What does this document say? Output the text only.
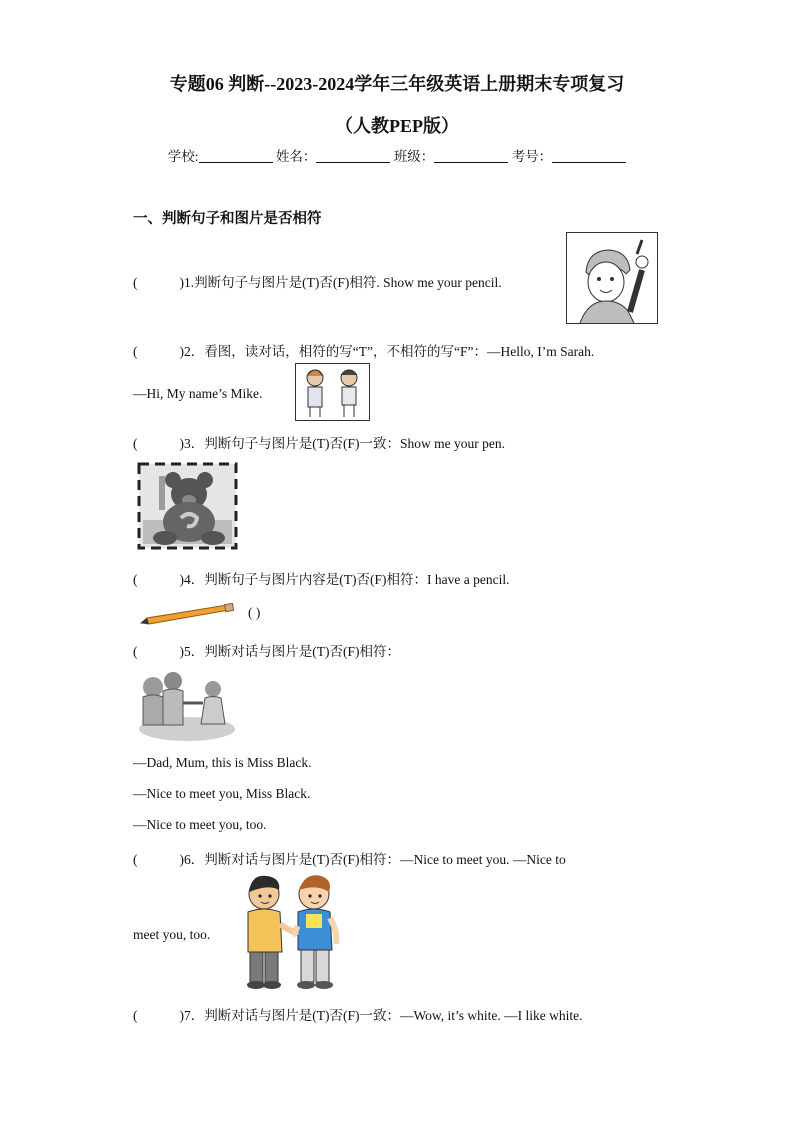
专题06 判断--2023-2024学年三年级英语上册期末专项复习
（人教PEP版）
学校:	姓名：	班级：	考号：
一、判断句子和图片是否相符
(	)1.判断句子与图片是(T)否(F)相符. Show me your pencil.
(	)2．看图，读对话，相符的写“T”，不相符的写“F”：—Hello, I’m Sarah.
—Hi, My name’s Mike.
(	)3．判断句子与图片是(T)否(F)一致：Show me your pen.
(	)4．判断句子与图片内容是(T)否(F)相符：I have a pencil.
( )
(	)5．判断对话与图片是(T)否(F)相符：
—Dad, Mum, this is Miss Black.
—Nice to meet you, Miss Black.
—Nice to meet you, too.
(	)6．判断对话与图片是(T)否(F)相符：—Nice to meet you. —Nice to
meet you, too.
(	)7．判断对话与图片是(T)否(F)一致：—Wow, it’s white. —I like white.
